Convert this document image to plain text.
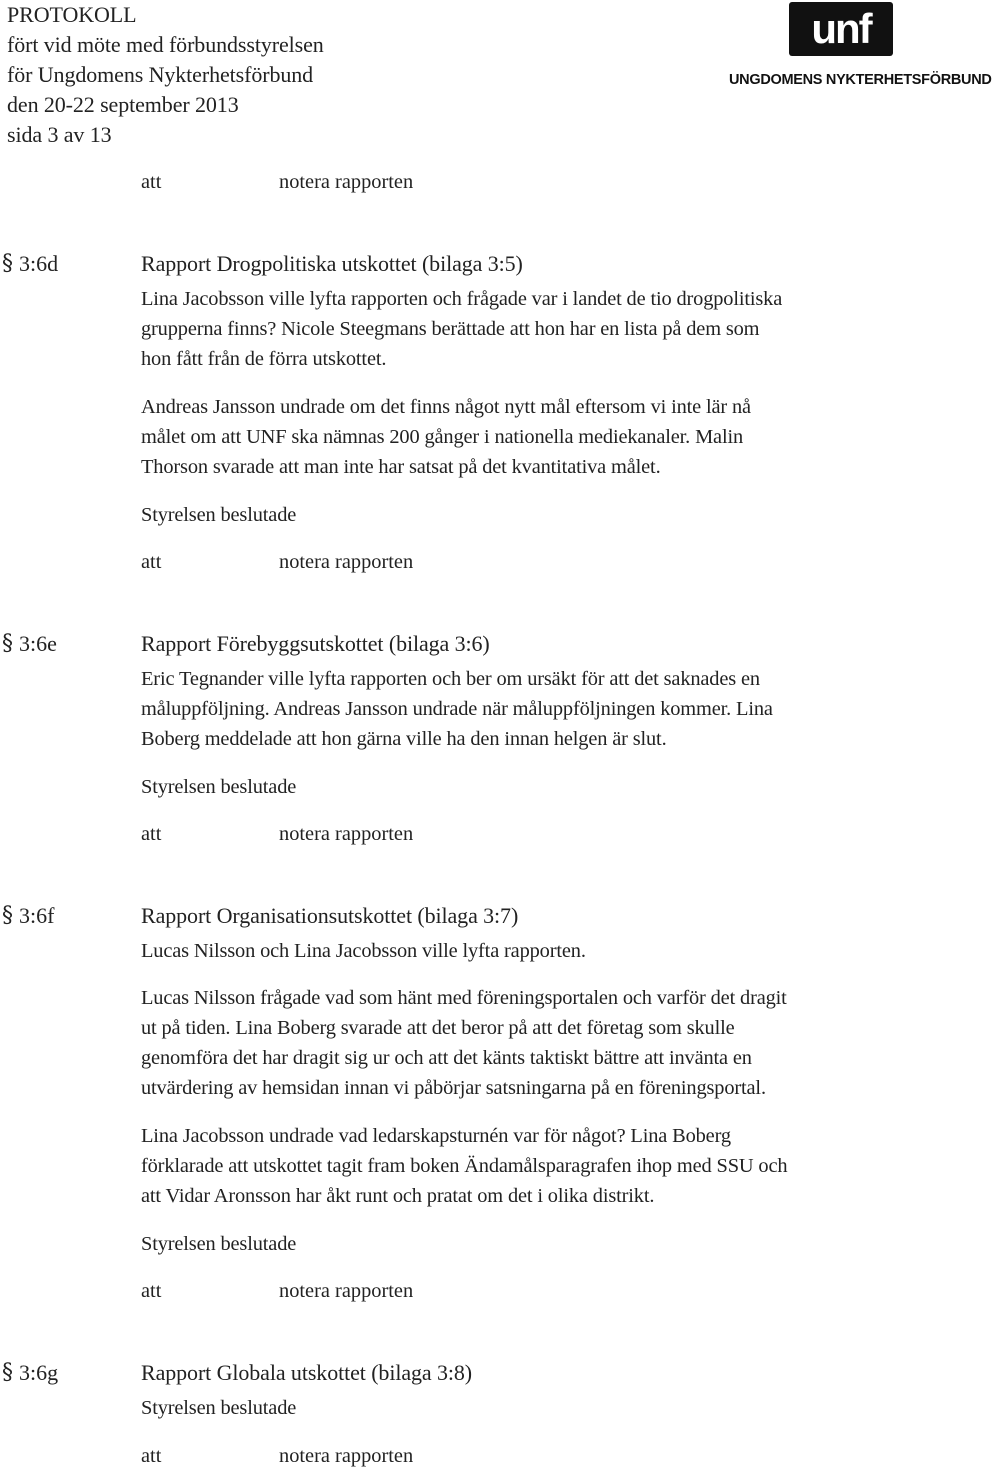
PROTOKOLL
fört vid möte med förbundsstyrelsen
för Ungdomens Nykterhetsförbund
den 20-22 september 2013
sida 3 av 13
unf
UNGDOMENS NYKTERHETSFÖRBUND
att	notera rapporten
§ 3:6d	Rapport Drogpolitiska utskottet (bilaga 3:5)
Lina Jacobsson ville lyfta rapporten och frågade var i landet de tio drogpolitiska
grupperna finns? Nicole Steegmans berättade att hon har en lista på dem som
hon fått från de förra utskottet.
Andreas Jansson undrade om det finns något nytt mål eftersom vi inte lär nå
målet om att UNF ska nämnas 200 gånger i nationella mediekanaler. Malin
Thorson svarade att man inte har satsat på det kvantitativa målet.
Styrelsen beslutade
att	notera rapporten
§ 3:6e	Rapport Förebyggsutskottet (bilaga 3:6)
Eric Tegnander ville lyfta rapporten och ber om ursäkt för att det saknades en
måluppföljning. Andreas Jansson undrade när måluppföljningen kommer. Lina
Boberg meddelade att hon gärna ville ha den innan helgen är slut.
Styrelsen beslutade
att	notera rapporten
§ 3:6f	Rapport Organisationsutskottet (bilaga 3:7)
Lucas Nilsson och Lina Jacobsson ville lyfta rapporten.
Lucas Nilsson frågade vad som hänt med föreningsportalen och varför det dragit
ut på tiden. Lina Boberg svarade att det beror på att det företag som skulle
genomföra det har dragit sig ur och att det känts taktiskt bättre att invänta en
utvärdering av hemsidan innan vi påbörjar satsningarna på en föreningsportal.
Lina Jacobsson undrade vad ledarskapsturnén var för något? Lina Boberg
förklarade att utskottet tagit fram boken Ändamålsparagrafen ihop med SSU och
att Vidar Aronsson har åkt runt och pratat om det i olika distrikt.
Styrelsen beslutade
att	notera rapporten
§ 3:6g	Rapport Globala utskottet (bilaga 3:8)
Styrelsen beslutade
att	notera rapporten
